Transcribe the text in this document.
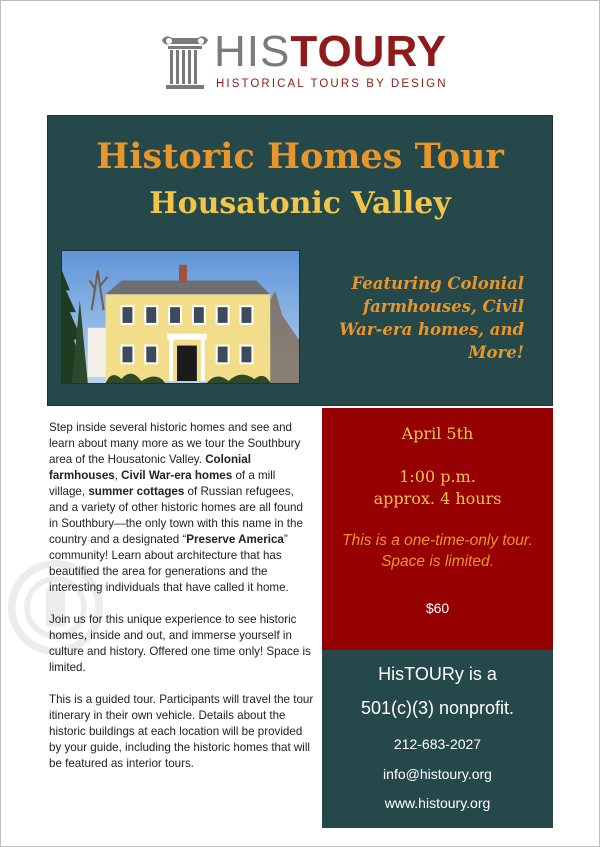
HISTOURY
HISTORICAL TOURS BY DESIGN
Historic Homes Tour
Housatonic Valley
Featuring Colonial farmhouses, Civil War-era homes, and More!

Step inside several historic homes and see and learn about many more as we tour the Southbury area of the Housatonic Valley. Colonial farmhouses, Civil War-era homes of a mill village, summer cottages of Russian refugees, and a variety of other historic homes are all found in Southbury—the only town with this name in the country and a designated “Preserve America” community! Learn about architecture that has beautified the area for generations and the interesting individuals that have called it home.

Join us for this unique experience to see historic homes, inside and out, and immerse yourself in culture and history. Offered one time only! Space is limited.

This is a guided tour. Participants will travel the tour itinerary in their own vehicle. Details about the historic buildings at each location will be provided by your guide, including the historic homes that will be featured as interior tours.

April 5th
1:00 p.m.
approx. 4 hours
This is a one-time-only tour. Space is limited.
$60
HisTOURy is a
501(c)(3) nonprofit.
212-683-2027
info@histoury.org
www.histoury.org
